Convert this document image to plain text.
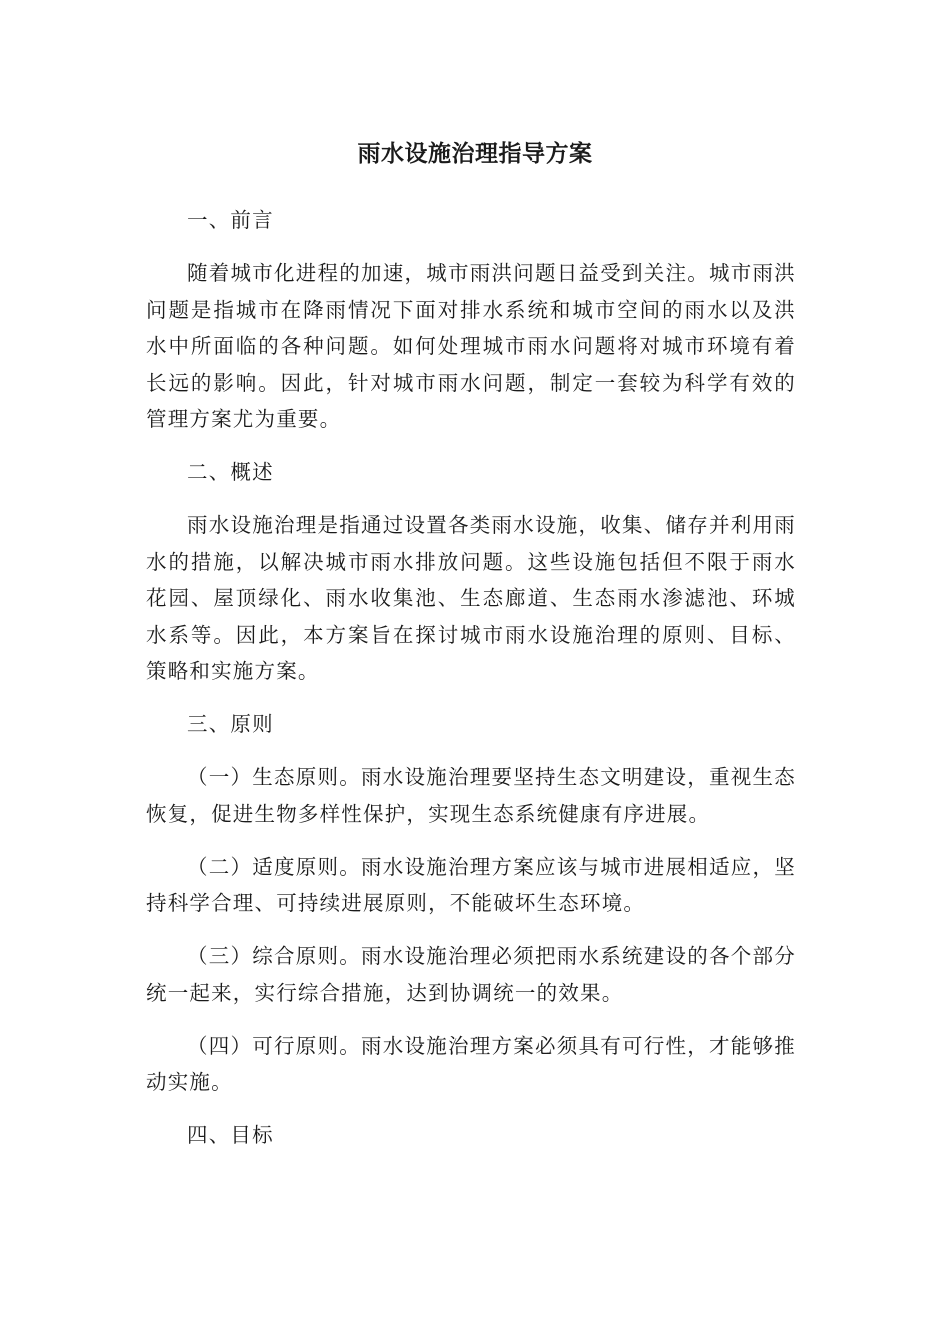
雨水设施治理指导方案

一、前言

随着城市化进程的加速，城市雨洪问题日益受到关注。城市雨洪问题是指城市在降雨情况下面对排水系统和城市空间的雨水以及洪水中所面临的各种问题。如何处理城市雨水问题将对城市环境有着长远的影响。因此，针对城市雨水问题，制定一套较为科学有效的管理方案尤为重要。

二、概述

雨水设施治理是指通过设置各类雨水设施，收集、储存并利用雨水的措施，以解决城市雨水排放问题。这些设施包括但不限于雨水花园、屋顶绿化、雨水收集池、生态廊道、生态雨水渗滤池、环城水系等。因此，本方案旨在探讨城市雨水设施治理的原则、目标、策略和实施方案。

三、原则

（一）生态原则。雨水设施治理要坚持生态文明建设，重视生态恢复，促进生物多样性保护，实现生态系统健康有序进展。

（二）适度原则。雨水设施治理方案应该与城市进展相适应，坚持科学合理、可持续进展原则，不能破坏生态环境。

（三）综合原则。雨水设施治理必须把雨水系统建设的各个部分统一起来，实行综合措施，达到协调统一的效果。

（四）可行原则。雨水设施治理方案必须具有可行性，才能够推动实施。

四、目标
